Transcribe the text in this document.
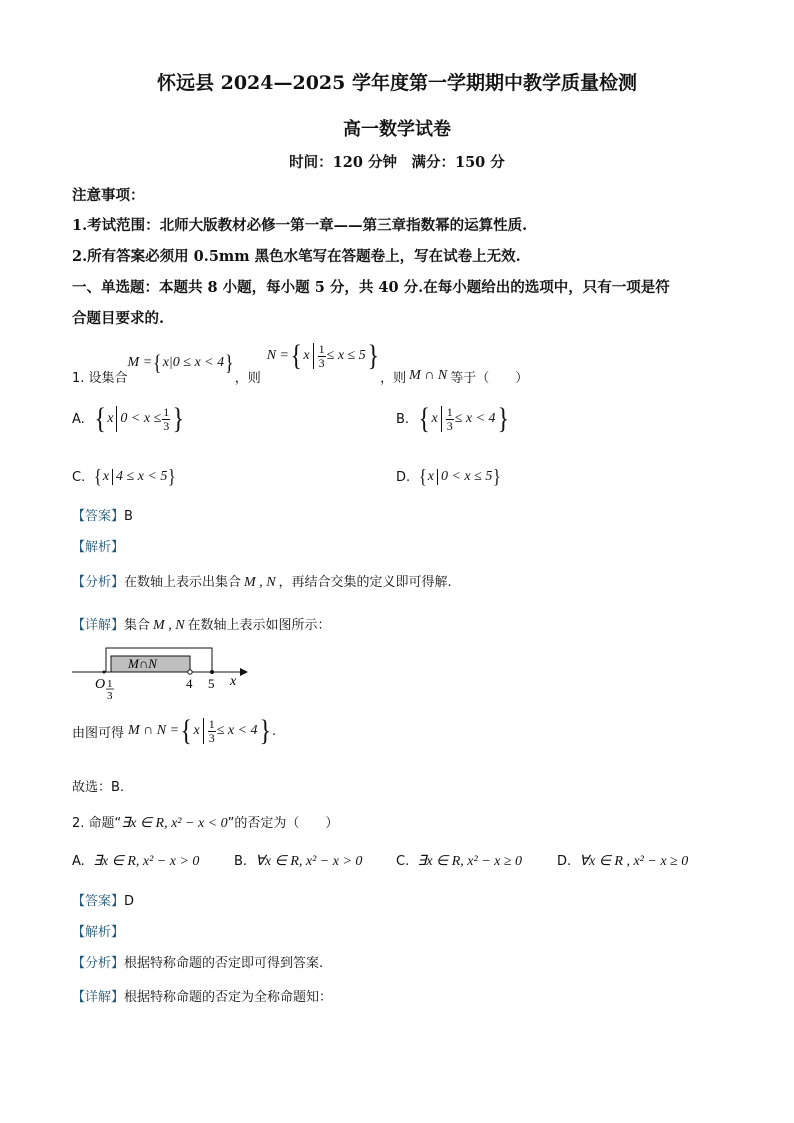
怀远县 2024—2025 学年度第一学期期中教学质量检测
高一数学试卷
时间：120 分钟　满分：150 分
注意事项：
1.考试范围：北师大版教材必修一第一章——第三章指数幂的运算性质.
2.所有答案必须用 0.5mm 黑色水笔写在答题卷上，写在试卷上无效.
一、单选题：本题共 8 小题，每小题 5 分，共 40 分.在每小题给出的选项中，只有一项是符
合题目要求的.
1. 设集合
M = { x|0 ≤ x < 4 }
，则
N = { x $\frac{1}{3} \le x \le 5$ }
，则 M ∩ N 等于（　　）
A. { x $0 < x \le \frac{1}{3}$ }	B. { x $\frac{1}{3} \le x < 4$ }
C. { x 4 ≤ x < 5 }	D. { x 0 < x ≤ 5 }
【答案】B
【解析】
【分析】在数轴上表示出集合 M , N ，再结合交集的定义即可得解.
【详解】集合 M , N 在数轴上表示如图所示：
M∩N
O 1
3
4 5 x
由图可得 M ∩ N = { x $\frac{1}{3} \le x < 4$ } .
故选：B.
2. 命题“∃x ∈ R, x² − x < 0”的否定为（　　）
A. ∃x ∈ R, x² − x > 0	B. ∀x ∈ R, x² − x > 0	C. ∃x ∈ R, x² − x ≥ 0	D. ∀x ∈ R , x² − x ≥ 0
【答案】D
【解析】
【分析】根据特称命题的否定即可得到答案.
【详解】根据特称命题的否定为全称命题知：
